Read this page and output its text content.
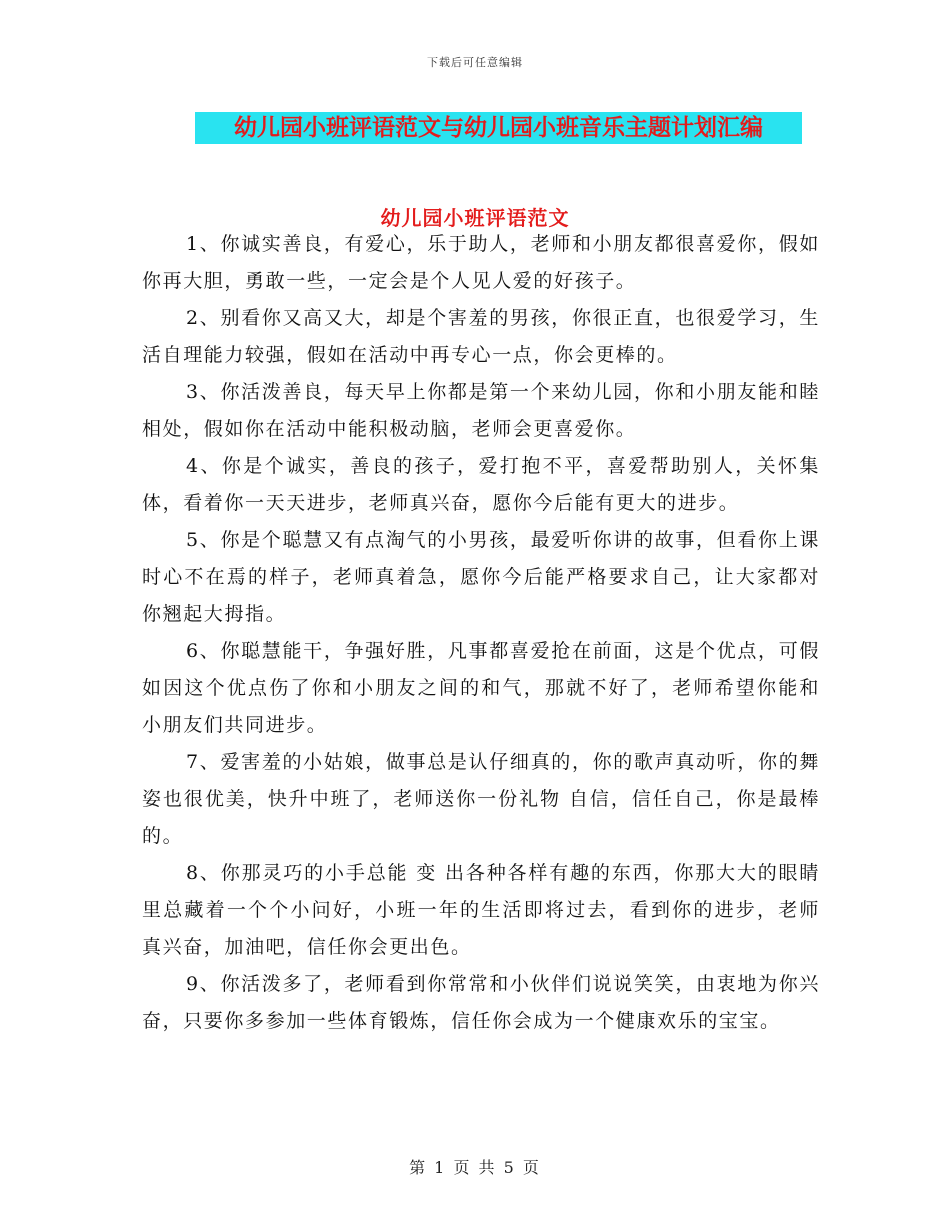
下载后可任意编辑
幼儿园小班评语范文与幼儿园小班音乐主题计划汇编
幼儿园小班评语范文

1、你诚实善良，有爱心，乐于助人，老师和小朋友都很喜爱你，假如你再大胆，勇敢一些，一定会是个人见人爱的好孩子。

2、别看你又高又大，却是个害羞的男孩，你很正直，也很爱学习，生活自理能力较强，假如在活动中再专心一点，你会更棒的。

3、你活泼善良，每天早上你都是第一个来幼儿园，你和小朋友能和睦相处，假如你在活动中能积极动脑，老师会更喜爱你。

4、你是个诚实，善良的孩子，爱打抱不平，喜爱帮助别人，关怀集体，看着你一天天进步，老师真兴奋，愿你今后能有更大的进步。

5、你是个聪慧又有点淘气的小男孩，最爱听你讲的故事，但看你上课时心不在焉的样子，老师真着急，愿你今后能严格要求自己，让大家都对你翘起大拇指。

6、你聪慧能干，争强好胜，凡事都喜爱抢在前面，这是个优点，可假如因这个优点伤了你和小朋友之间的和气，那就不好了，老师希望你能和小朋友们共同进步。

7、爱害羞的小姑娘，做事总是认仔细真的，你的歌声真动听，你的舞姿也很优美，快升中班了，老师送你一份礼物 自信，信任自己，你是最棒的。

8、你那灵巧的小手总能 变 出各种各样有趣的东西，你那大大的眼睛里总藏着一个个小问好，小班一年的生活即将过去，看到你的进步，老师真兴奋，加油吧，信任你会更出色。

9、你活泼多了，老师看到你常常和小伙伴们说说笑笑，由衷地为你兴奋，只要你多参加一些体育锻炼，信任你会成为一个健康欢乐的宝宝。

第 1 页 共 5 页
